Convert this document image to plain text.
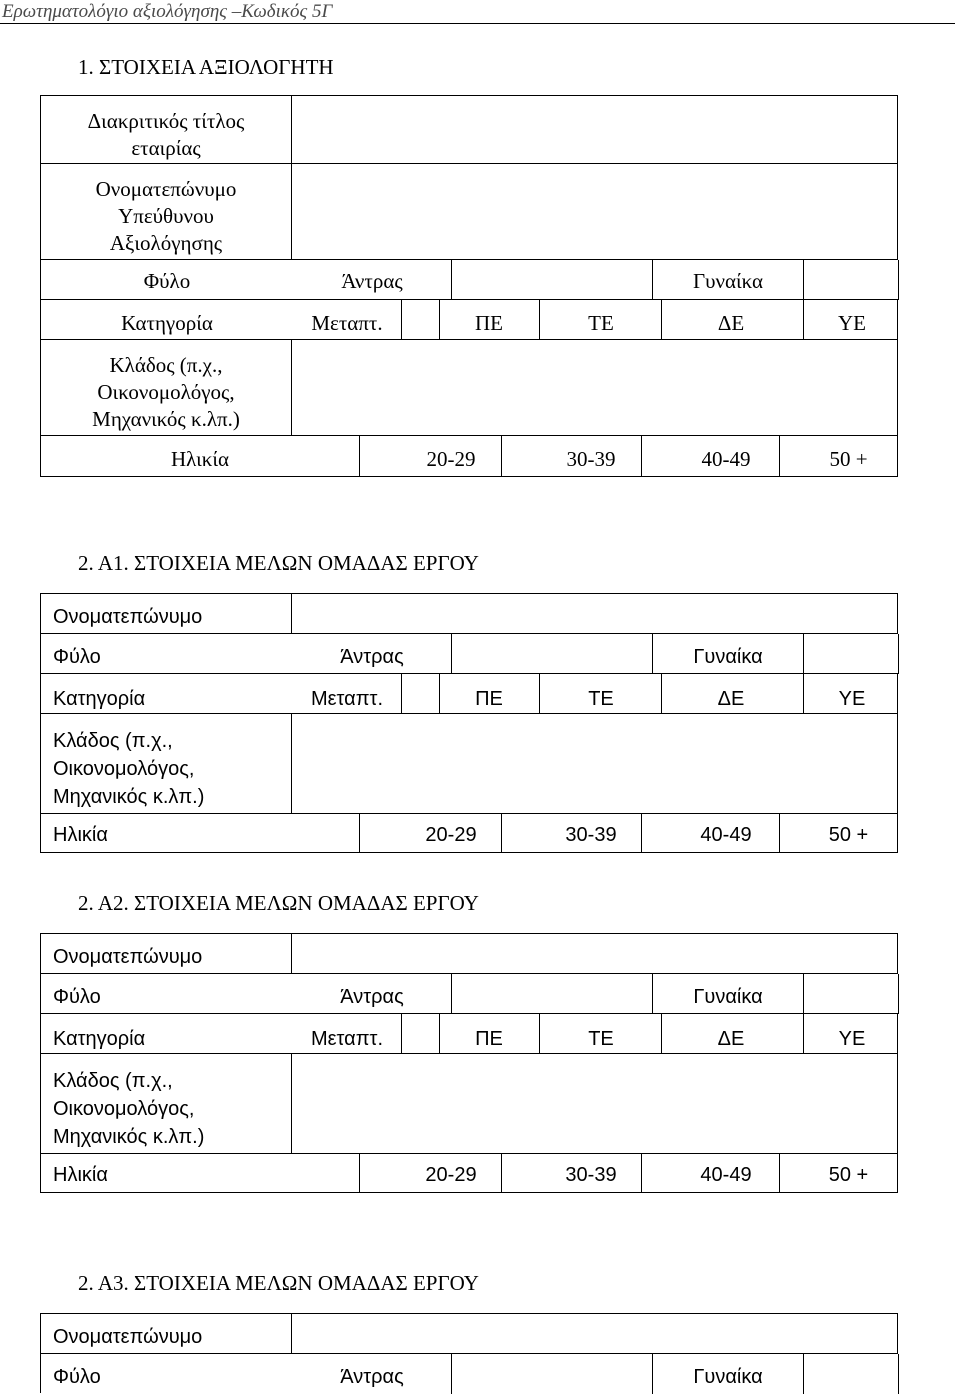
Ερωτηματολόγιο αξιολόγησης –Κωδικός 5Γ
1. ΣΤΟΙΧΕΙΑ ΑΞΙΟΛΟΓΗΤΗ
Διακριτικός τίτλος
εταιρίας
Ονοματεπώνυμο
Υπεύθυνου
Αξιολόγησης
Φύλο	Άντρας	Γυναίκα
Κατηγορία	Μεταπτ.	ΠΕ	ΤΕ	ΔΕ	ΥΕ
Κλάδος (π.χ.,
Οικονομολόγος,
Μηχανικός κ.λπ.)
Ηλικία	20-29	30-39	40-49	50 +
2. Α1. ΣΤΟΙΧΕΙΑ ΜΕΛΩΝ ΟΜΑΔΑΣ ΕΡΓΟΥ
Ονοματεπώνυμο
Φύλο	Άντρας	Γυναίκα
Κατηγορία	Μεταπτ.	ΠΕ	ΤΕ	ΔΕ	ΥΕ
Κλάδος (π.χ.,
Οικονομολόγος,
Μηχανικός κ.λπ.)
Ηλικία	20-29	30-39	40-49	50 +
2. Α2. ΣΤΟΙΧΕΙΑ ΜΕΛΩΝ ΟΜΑΔΑΣ ΕΡΓΟΥ
Ονοματεπώνυμο
Φύλο	Άντρας	Γυναίκα
Κατηγορία	Μεταπτ.	ΠΕ	ΤΕ	ΔΕ	ΥΕ
Κλάδος (π.χ.,
Οικονομολόγος,
Μηχανικός κ.λπ.)
Ηλικία	20-29	30-39	40-49	50 +
2. Α3. ΣΤΟΙΧΕΙΑ ΜΕΛΩΝ ΟΜΑΔΑΣ ΕΡΓΟΥ
Ονοματεπώνυμο
Φύλο	Άντρας	Γυναίκα
